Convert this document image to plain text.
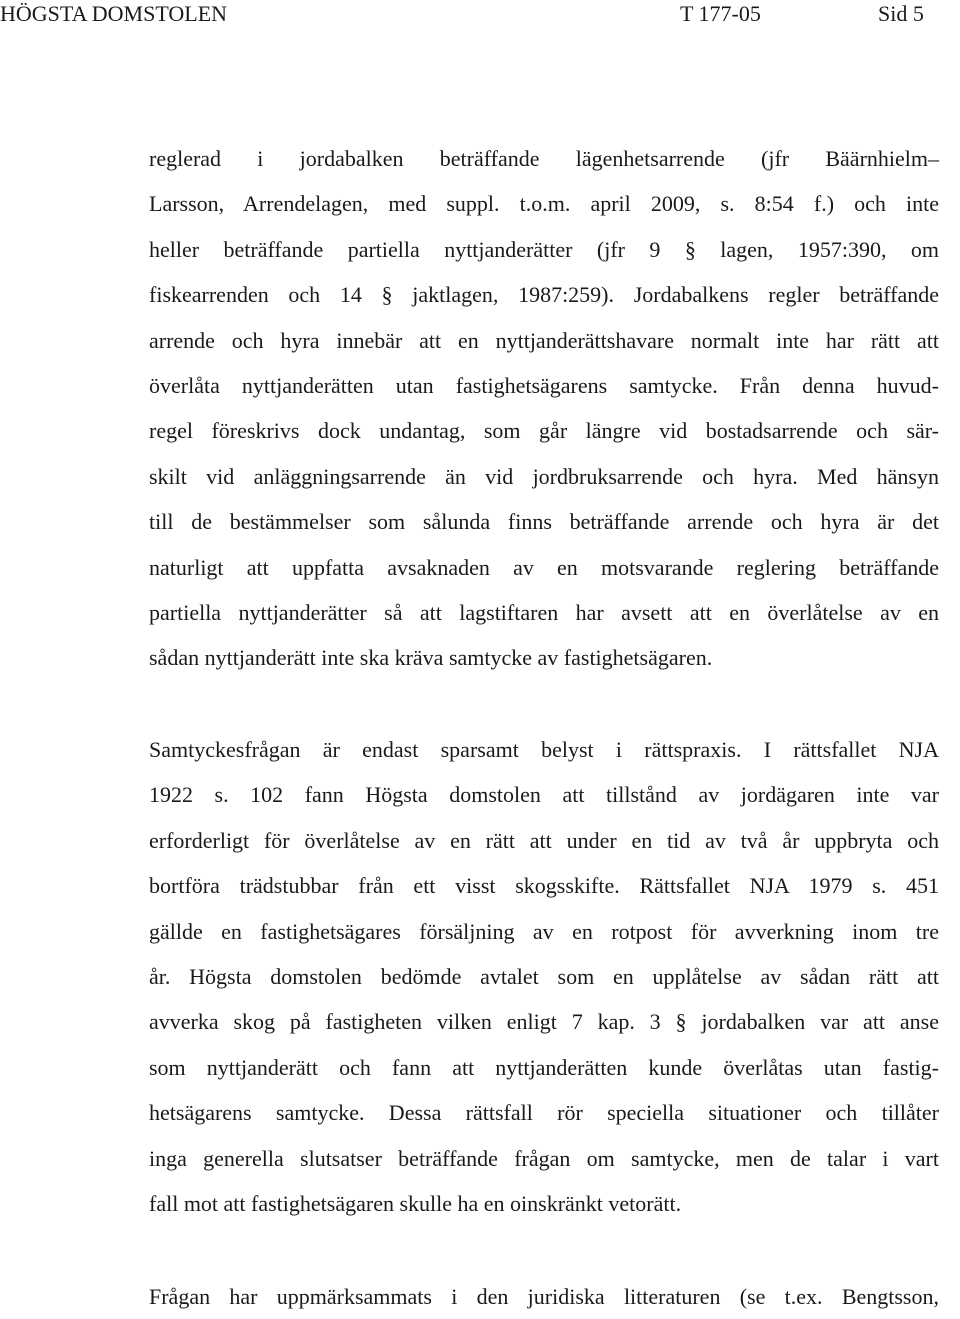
HÖGSTA DOMSTOLEN	T 177-05	Sid 5
reglerad i jordabalken beträffande lägenhetsarrende (jfr Bäärnhielm–
Larsson, Arrendelagen, med suppl. t.o.m. april 2009, s. 8:54 f.) och inte
heller beträffande partiella nyttjanderätter (jfr 9 § lagen, 1957:390, om
fiskearrenden och 14 § jaktlagen, 1987:259). Jordabalkens regler beträffande
arrende och hyra innebär att en nyttjanderättshavare normalt inte har rätt att
överlåta nyttjanderätten utan fastighetsägarens samtycke. Från denna huvud-
regel föreskrivs dock undantag, som går längre vid bostadsarrende och sär-
skilt vid anläggningsarrende än vid jordbruksarrende och hyra. Med hänsyn
till de bestämmelser som sålunda finns beträffande arrende och hyra är det
naturligt att uppfatta avsaknaden av en motsvarande reglering beträffande
partiella nyttjanderätter så att lagstiftaren har avsett att en överlåtelse av en
sådan nyttjanderätt inte ska kräva samtycke av fastighetsägaren.
Samtyckesfrågan är endast sparsamt belyst i rättspraxis. I rättsfallet NJA
1922 s. 102 fann Högsta domstolen att tillstånd av jordägaren inte var
erforderligt för överlåtelse av en rätt att under en tid av två år uppbryta och
bortföra trädstubbar från ett visst skogsskifte. Rättsfallet NJA 1979 s. 451
gällde en fastighetsägares försäljning av en rotpost för avverkning inom tre
år. Högsta domstolen bedömde avtalet som en upplåtelse av sådan rätt att
avverka skog på fastigheten vilken enligt 7 kap. 3 § jordabalken var att anse
som nyttjanderätt och fann att nyttjanderätten kunde överlåtas utan fastig-
hetsägarens samtycke. Dessa rättsfall rör speciella situationer och tillåter
inga generella slutsatser beträffande frågan om samtycke, men de talar i vart
fall mot att fastighetsägaren skulle ha en oinskränkt vetorätt.
Frågan har uppmärksammats i den juridiska litteraturen (se t.ex. Bengtsson,
